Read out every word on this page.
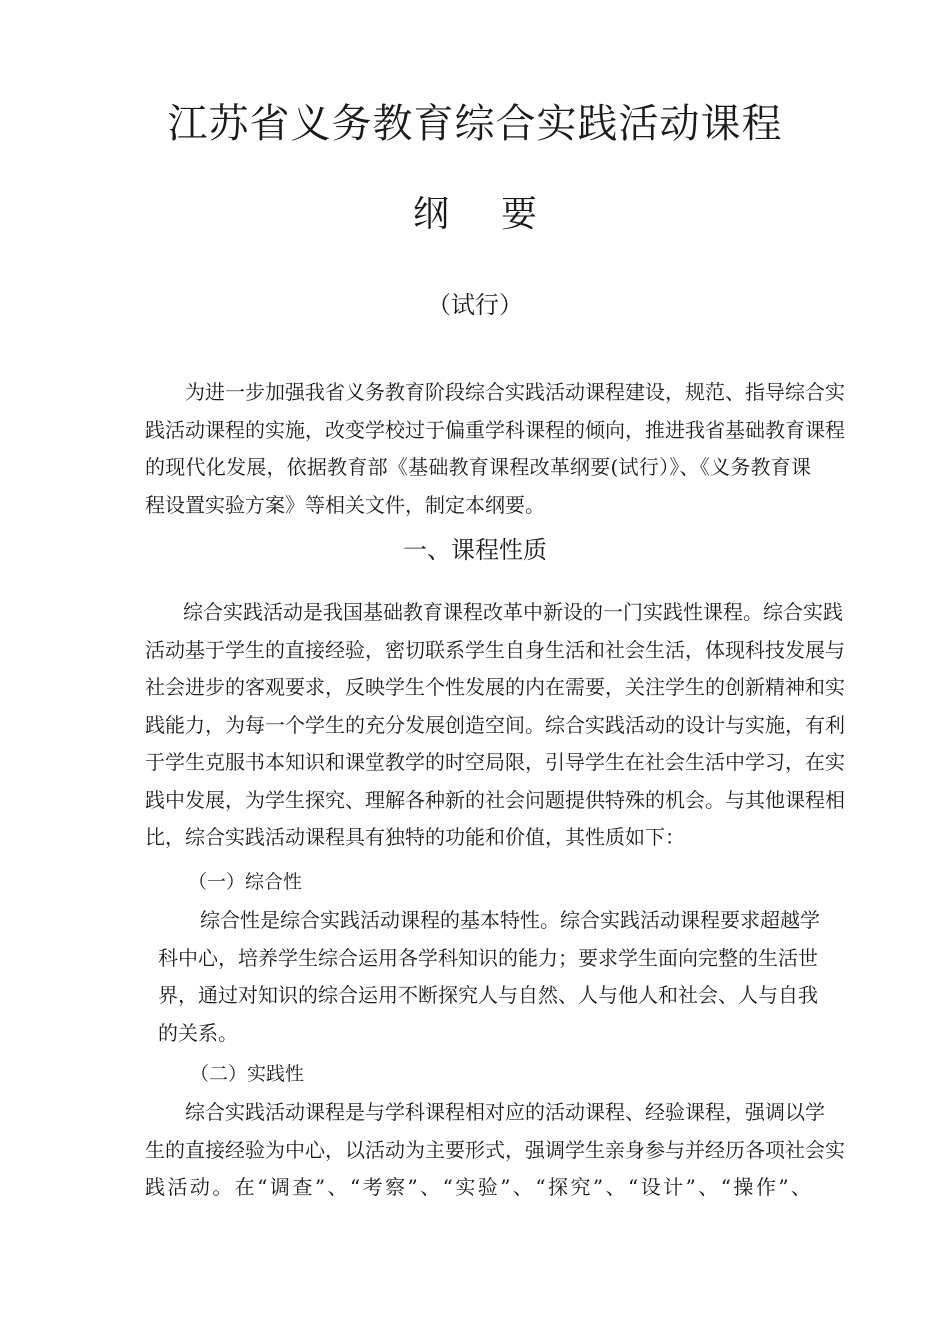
江苏省义务教育综合实践活动课程
纲 要
（试行）
为进一步加强我省义务教育阶段综合实践活动课程建设，规范、指导综合实
践活动课程的实施，改变学校过于偏重学科课程的倾向，推进我省基础教育课程
的现代化发展，依据教育部《基础教育课程改革纲要(试行）》、《义务教育课
程设置实验方案》等相关文件，制定本纲要。
一、课程性质
综合实践活动是我国基础教育课程改革中新设的一门实践性课程。综合实践
活动基于学生的直接经验，密切联系学生自身生活和社会生活，体现科技发展与
社会进步的客观要求，反映学生个性发展的内在需要，关注学生的创新精神和实
践能力，为每一个学生的充分发展创造空间。综合实践活动的设计与实施，有利
于学生克服书本知识和课堂教学的时空局限，引导学生在社会生活中学习，在实
践中发展，为学生探究、理解各种新的社会问题提供特殊的机会。与其他课程相
比，综合实践活动课程具有独特的功能和价值，其性质如下：
（一）综合性
综合性是综合实践活动课程的基本特性。综合实践活动课程要求超越学
科中心，培养学生综合运用各学科知识的能力；要求学生面向完整的生活世
界，通过对知识的综合运用不断探究人与自然、人与他人和社会、人与自我
的关系。
（二）实践性
综合实践活动课程是与学科课程相对应的活动课程、经验课程，强调以学
生的直接经验为中心，以活动为主要形式，强调学生亲身参与并经历各项社会实
践活动。在“调查”、“考察”、“实验”、“探究”、“设计”、“操作”、
